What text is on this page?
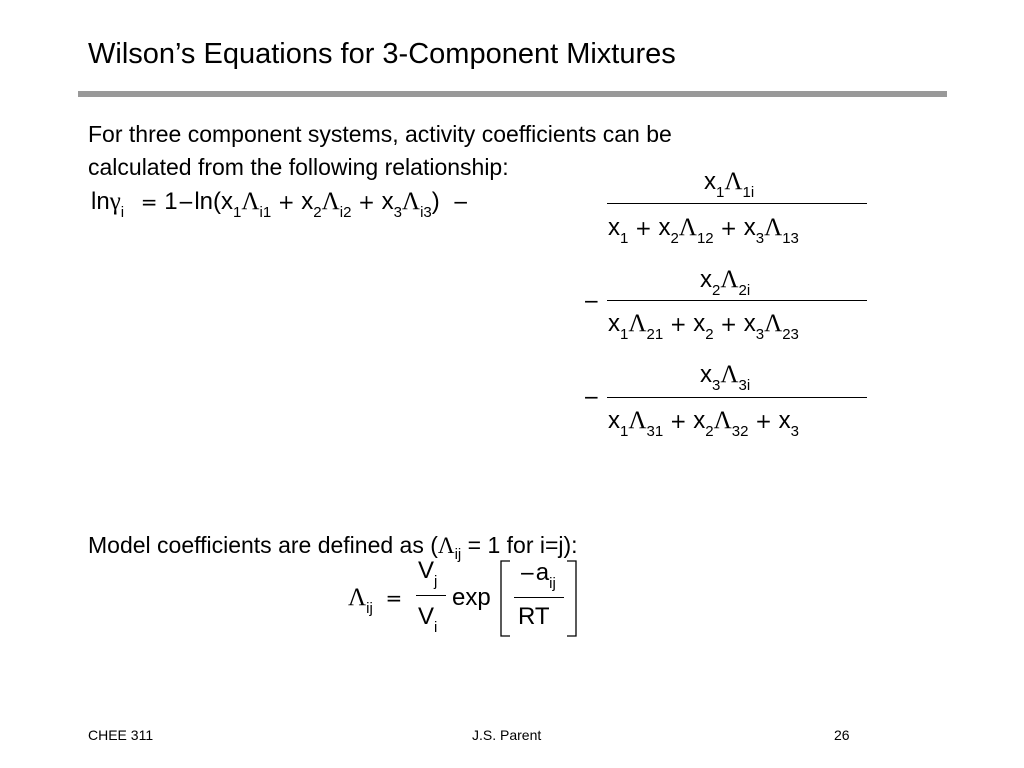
Wilson’s Equations for 3-Component Mixtures
For three component systems, activity coefficients can be
calculated from the following relationship:
$\ln\gamma_i = 1-\ln(x_1\Lambda_{i1} + x_2\Lambda_{i2} + x_3\Lambda_{i3})$ −
$x_1\Lambda_{1i}$
$x_1 + x_2\Lambda_{12} + x_3\Lambda_{13}$
−
$x_2\Lambda_{2i}$
$x_1\Lambda_{21} + x_2 + x_3\Lambda_{23}$
−
$x_3\Lambda_{3i}$
$x_1\Lambda_{31} + x_2\Lambda_{32} + x_3$
Model coefficients are defined as ($\Lambda_{ij} = 1$ for i=j):
$\Lambda_{ij}$ =
$V_j$
$V_i$
exp
$-a_{ij}$
RT
CHEE 311	J.S. Parent	26
